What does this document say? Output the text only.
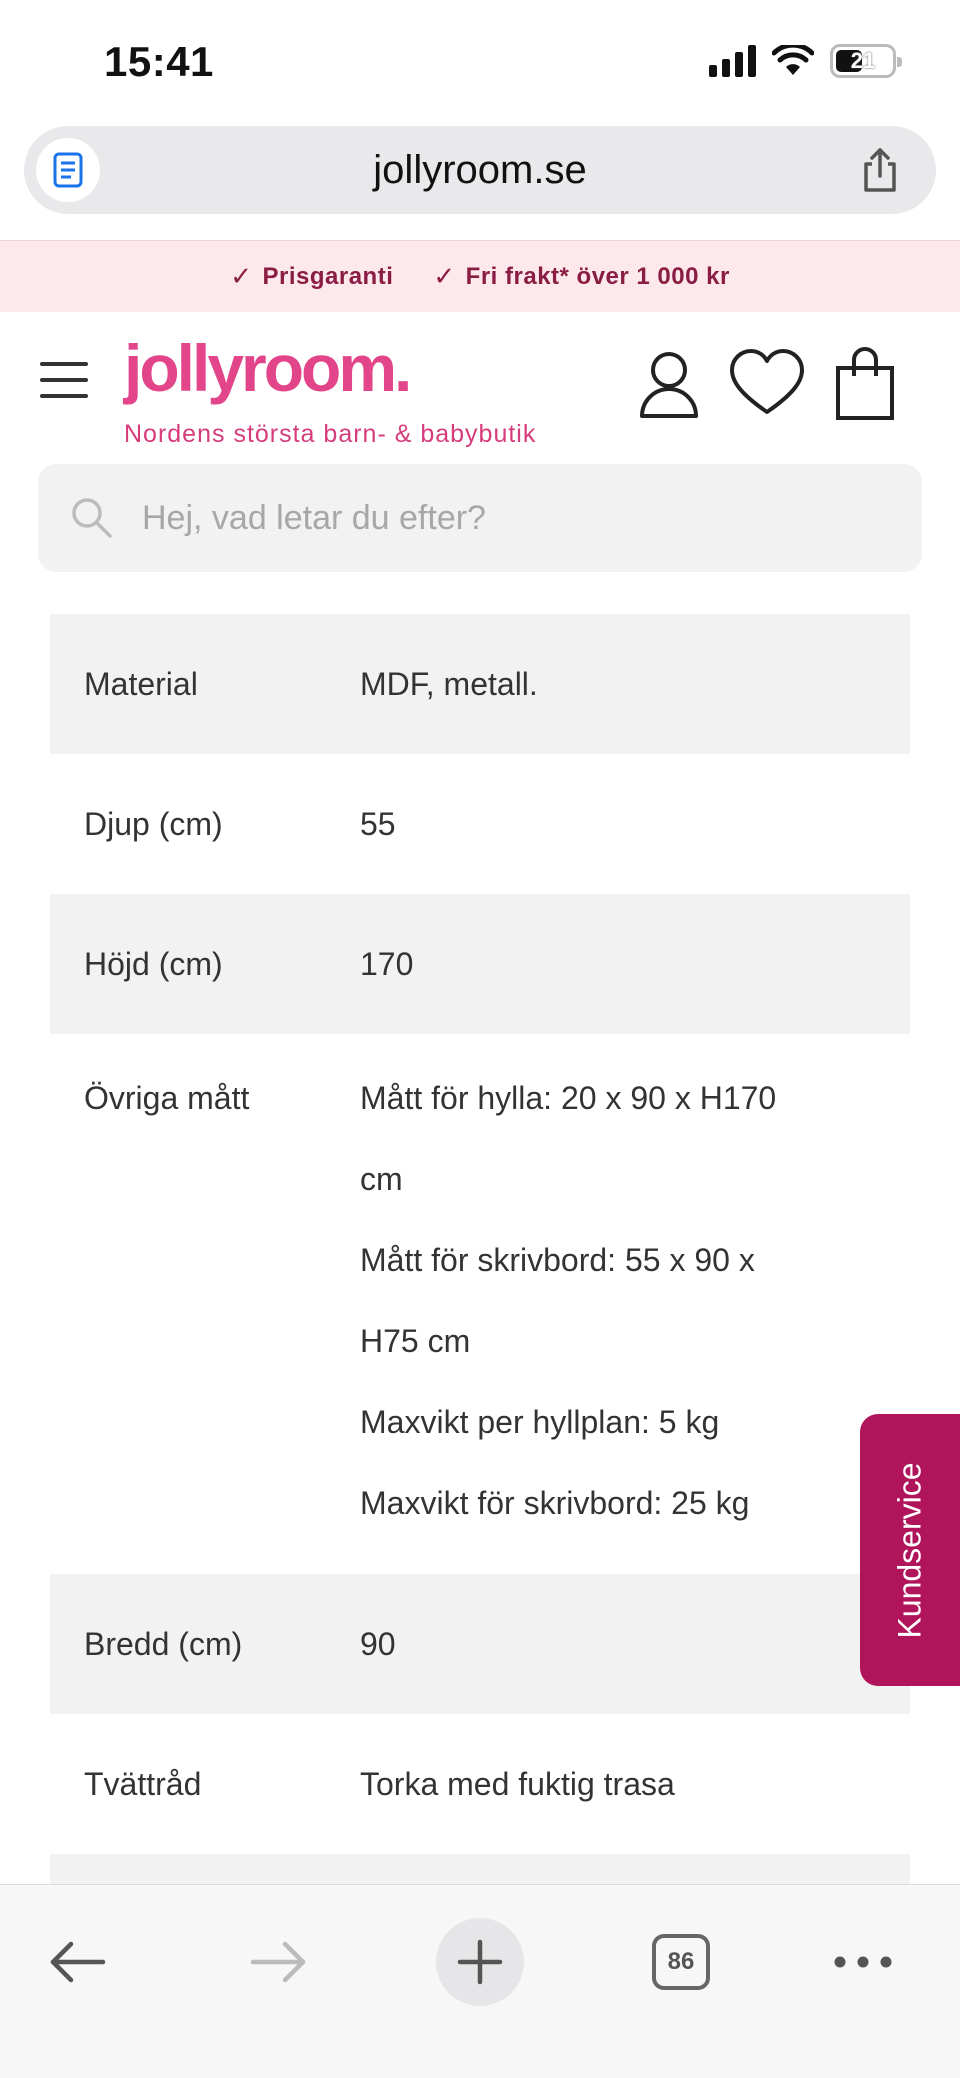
15:41	21
jollyroom.se
✓ Prisgaranti ✓ Fri frakt* över 1 000 kr
jollyroom.
Nordens största barn- & babybutik
Hej, vad letar du efter?
Material	MDF, metall.
Djup (cm)	55
Höjd (cm)	170
Övriga mått	Mått för hylla: 20 x 90 x H170
cm
Mått för skrivbord: 55 x 90 x
H75 cm
Maxvikt per hyllplan: 5 kg
Maxvikt för skrivbord: 25 kg
Bredd (cm)	90
Tvättråd	Torka med fuktig trasa
Kundservice
86
